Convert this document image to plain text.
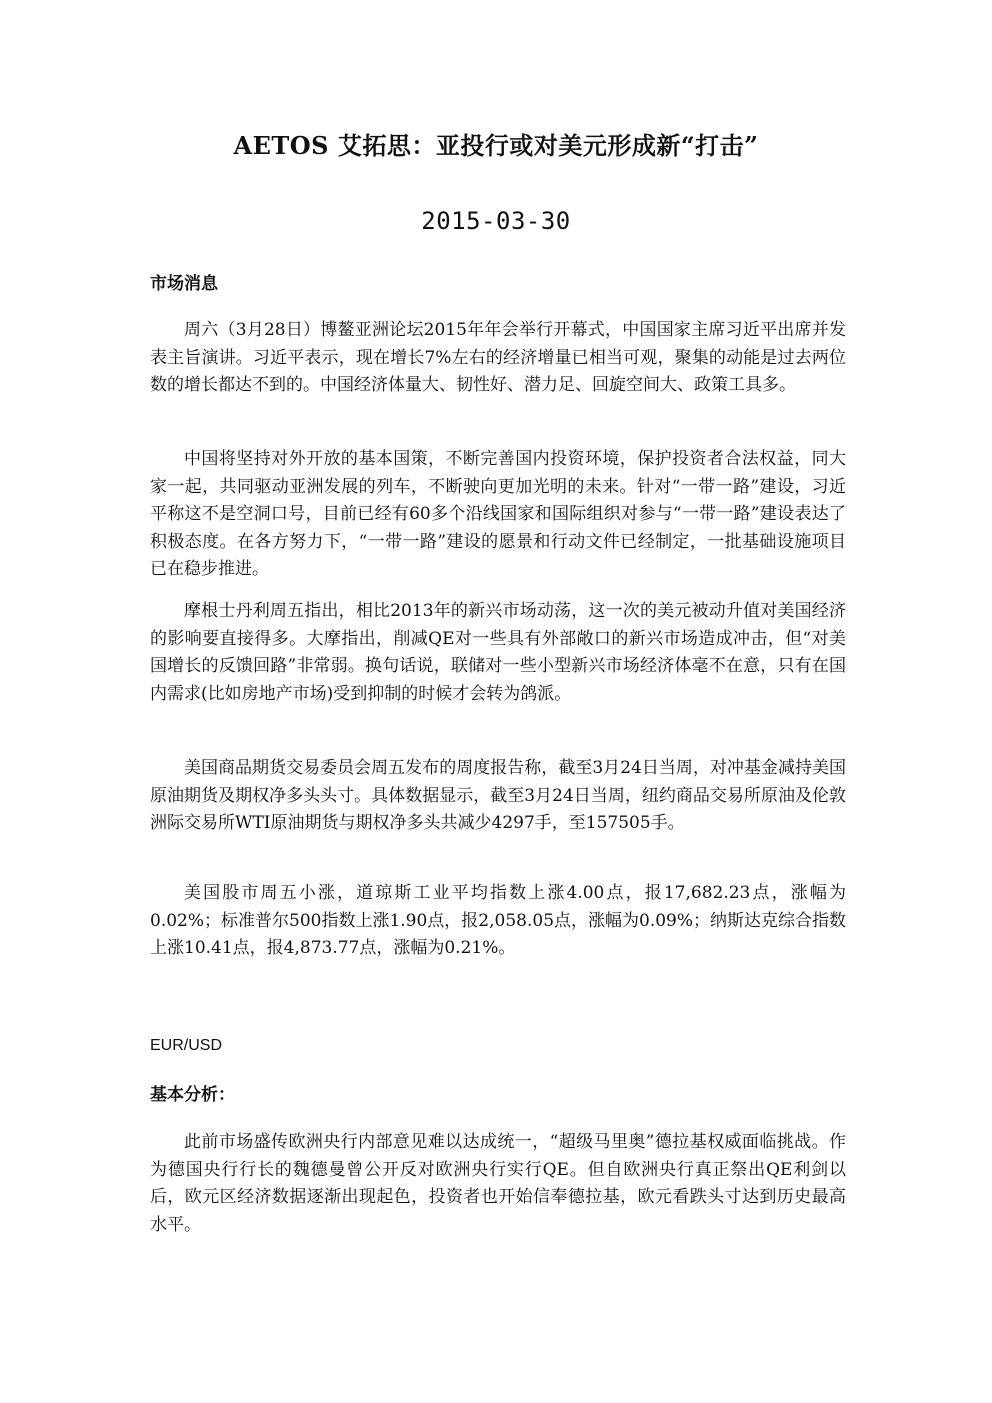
AETOS 艾拓思：亚投行或对美元形成新“打击”
2015-03-30
市场消息

周六（3月28日）博鳌亚洲论坛2015年年会举行开幕式，中国国家主席习近平出席并发表主旨演讲。习近平表示，现在增长7%左右的经济增量已相当可观，聚集的动能是过去两位数的增长都达不到的。中国经济体量大、韧性好、潜力足、回旋空间大、政策工具多。

中国将坚持对外开放的基本国策，不断完善国内投资环境，保护投资者合法权益，同大家一起，共同驱动亚洲发展的列车，不断驶向更加光明的未来。针对“一带一路”建设，习近平称这不是空洞口号，目前已经有60多个沿线国家和国际组织对参与“一带一路”建设表达了积极态度。在各方努力下，“一带一路”建设的愿景和行动文件已经制定，一批基础设施项目已在稳步推进。

摩根士丹利周五指出，相比2013年的新兴市场动荡，这一次的美元被动升值对美国经济的影响要直接得多。大摩指出，削减QE对一些具有外部敞口的新兴市场造成冲击，但“对美国增长的反馈回路”非常弱。换句话说，联储对一些小型新兴市场经济体毫不在意，只有在国内需求(比如房地产市场)受到抑制的时候才会转为鸽派。

美国商品期货交易委员会周五发布的周度报告称，截至3月24日当周，对冲基金减持美国原油期货及期权净多头头寸。具体数据显示，截至3月24日当周，纽约商品交易所原油及伦敦洲际交易所WTI原油期货与期权净多头共减少4297手，至157505手。

美国股市周五小涨，道琼斯工业平均指数上涨4.00点，报17,682.23点，涨幅为0.02%；标准普尔500指数上涨1.90点，报2,058.05点，涨幅为0.09%；纳斯达克综合指数上涨10.41点，报4,873.77点，涨幅为0.21%。

EUR/USD
基本分析：

此前市场盛传欧洲央行内部意见难以达成统一，“超级马里奥”德拉基权威面临挑战。作为德国央行行长的魏德曼曾公开反对欧洲央行实行QE。但自欧洲央行真正祭出QE利剑以后，欧元区经济数据逐渐出现起色，投资者也开始信奉德拉基，欧元看跌头寸达到历史最高水平。
